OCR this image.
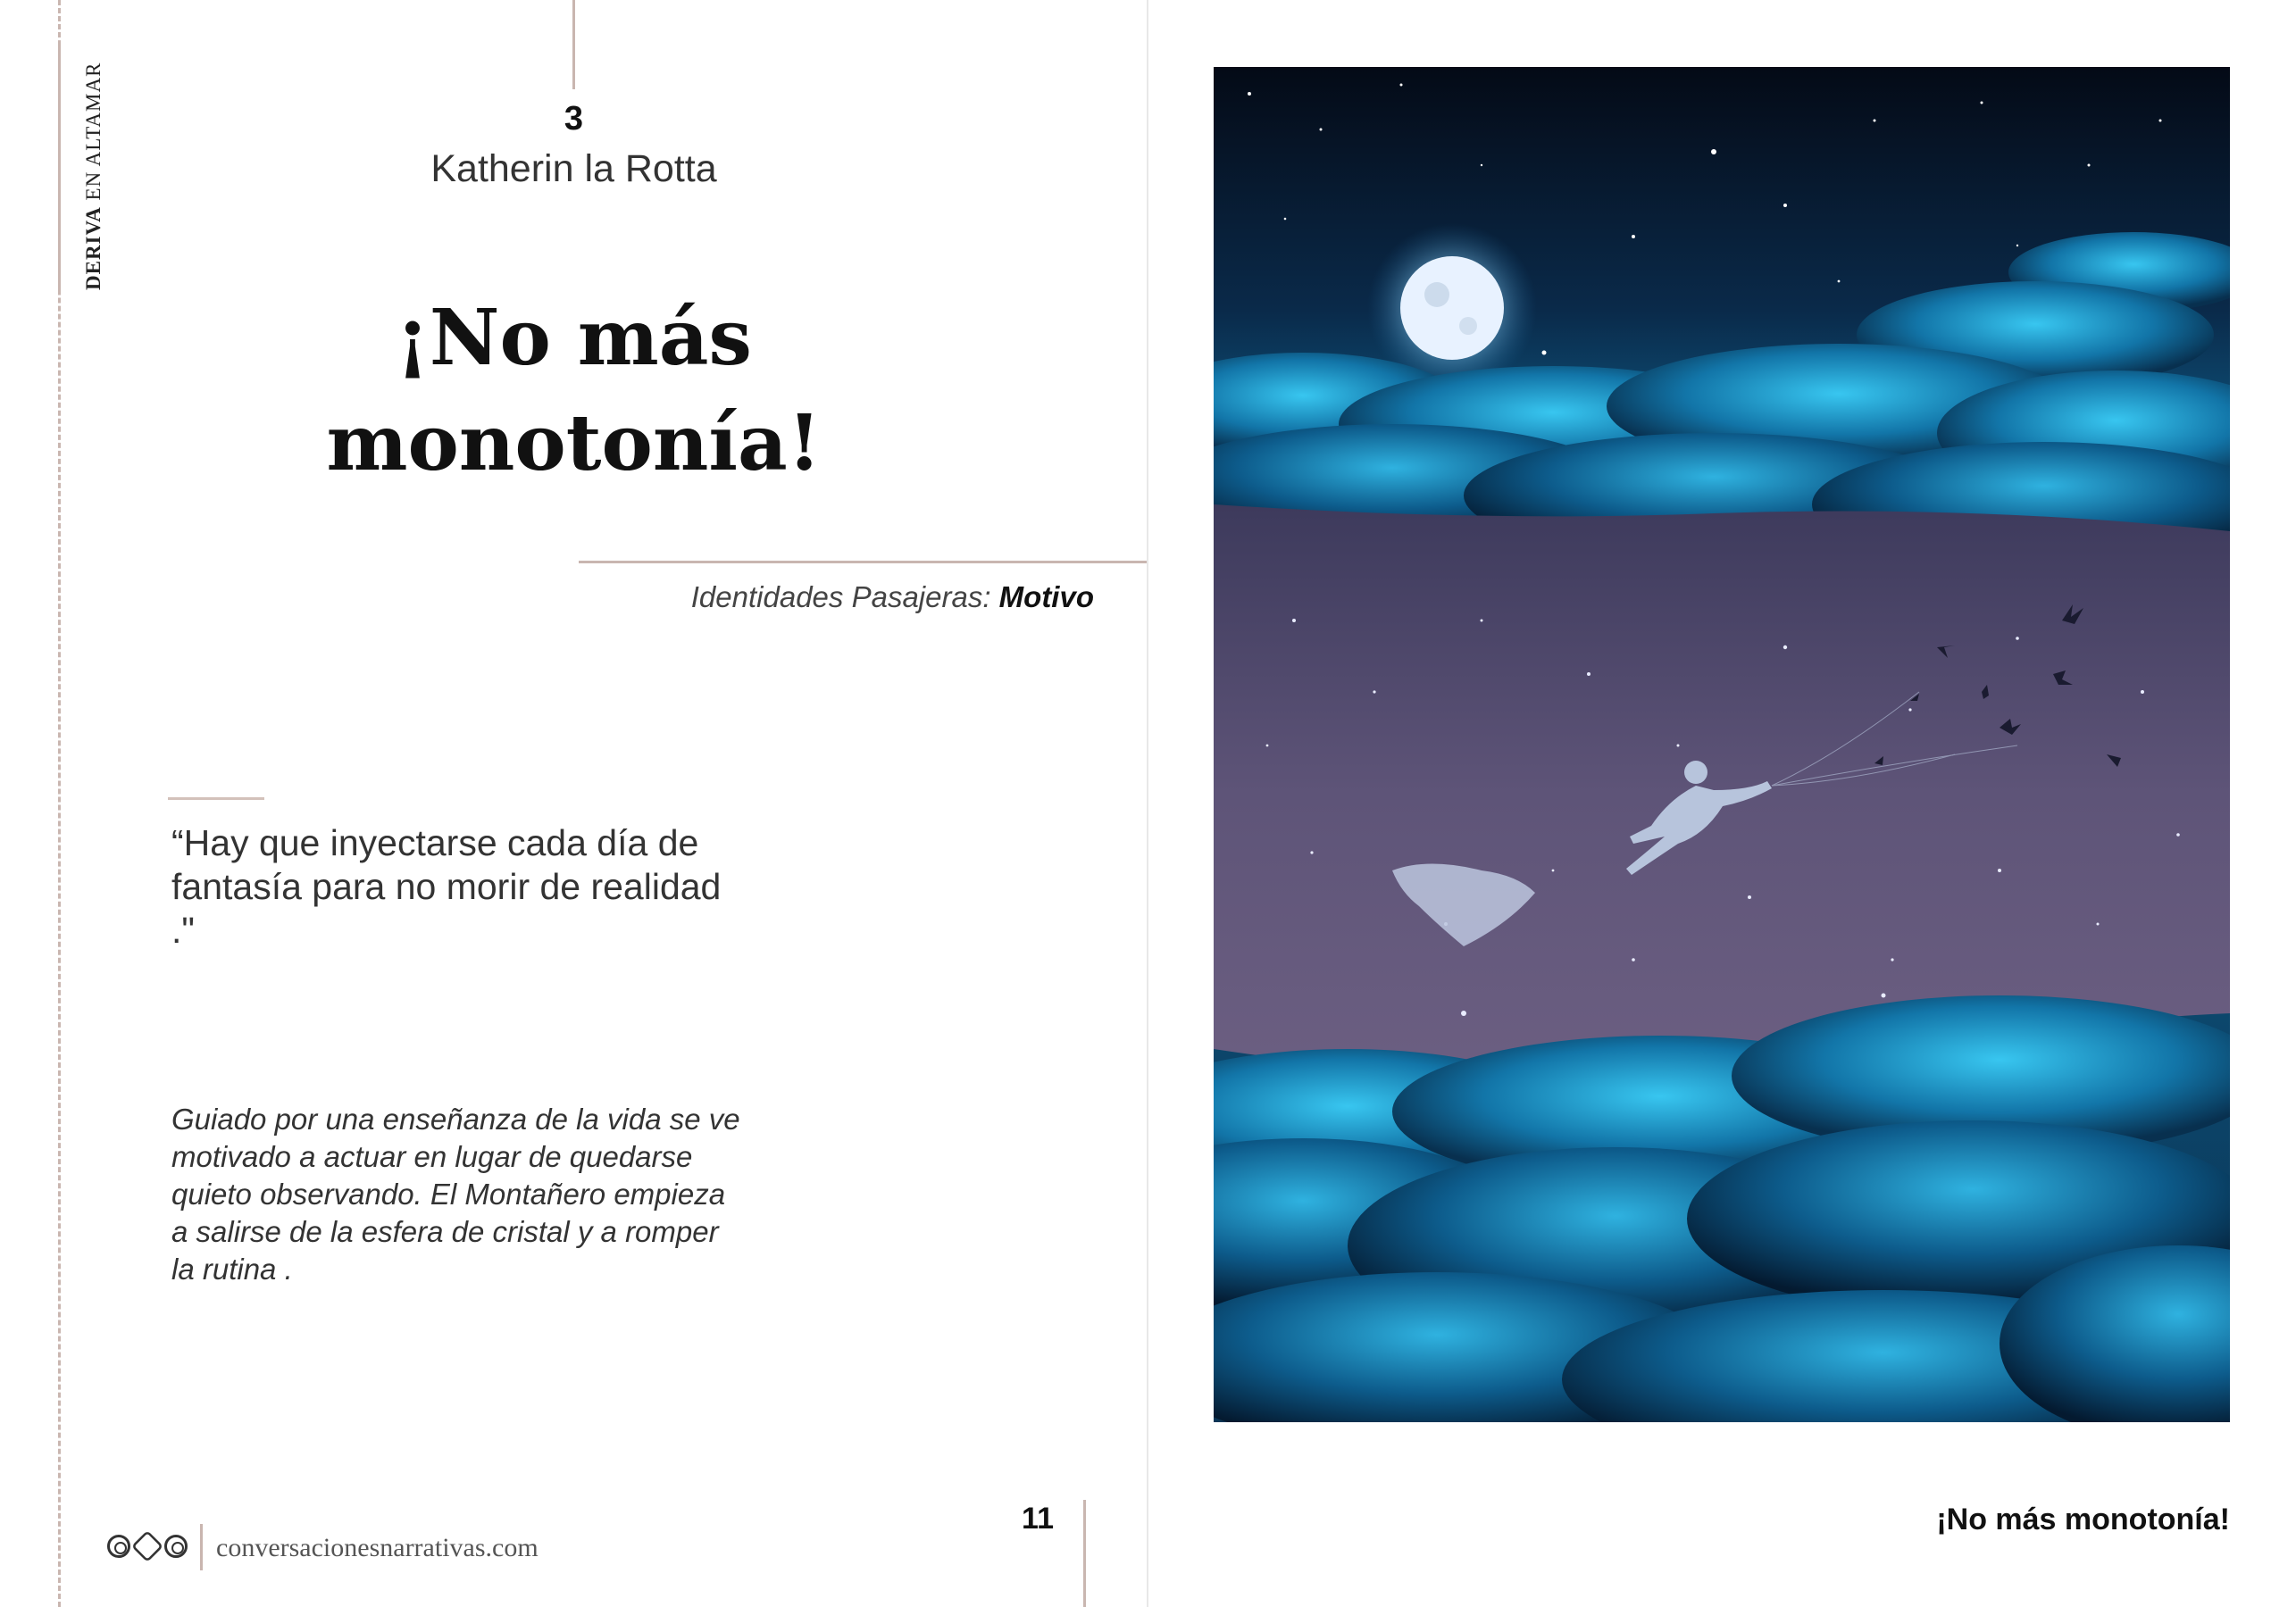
DERIVA EN ALTAMAR	3
Katherin la Rotta
¡No más
monotonía!
Identidades Pasajeras: Motivo
“Hay que inyectarse cada día de fantasía para no morir de realidad ."
Guiado por una enseñanza de la vida se ve motivado a actuar en lugar de quedarse quieto observando. El Montañero empieza a salirse de la esfera de cristal y a romper la rutina .
conversacionesnarrativas.com
11	¡No más monotonía!
